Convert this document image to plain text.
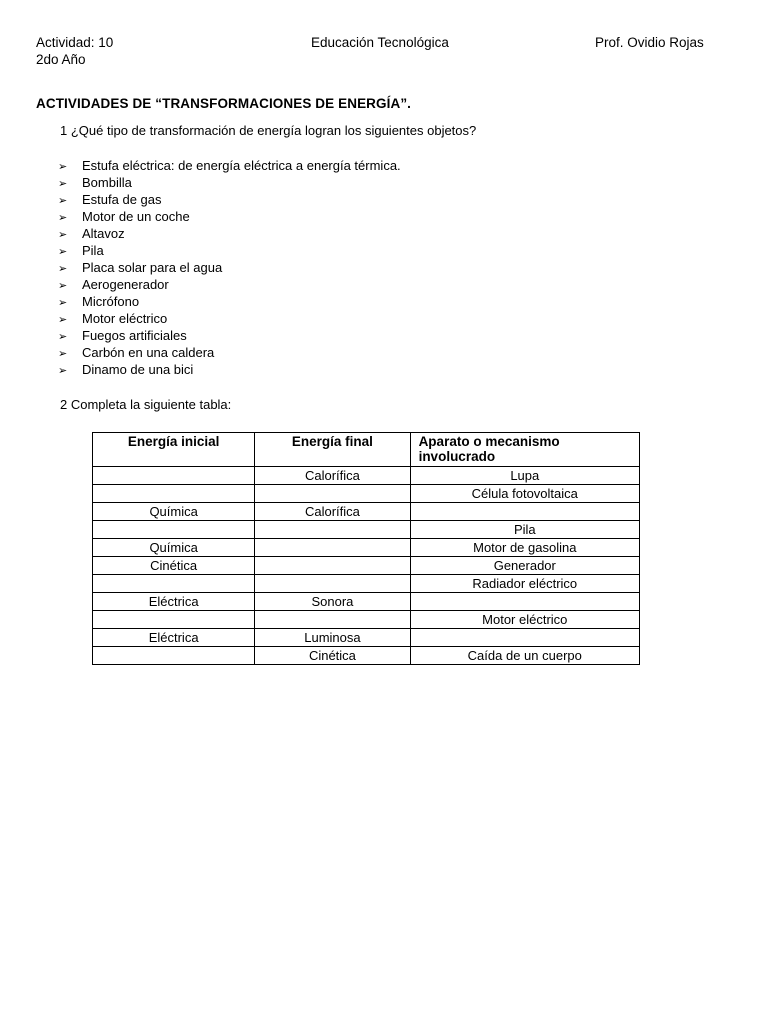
Actividad: 10	Educación Tecnológica	Prof. Ovidio Rojas
2do Año
ACTIVIDADES DE “TRANSFORMACIONES DE ENERGÍA”.
1 ¿Qué tipo de transformación de energía logran los siguientes objetos?
➢ Estufa eléctrica: de energía eléctrica a energía térmica.
➢ Bombilla
➢ Estufa de gas
➢ Motor de un coche
➢ Altavoz
➢ Pila
➢ Placa solar para el agua
➢ Aerogenerador
➢ Micrófono
➢ Motor eléctrico
➢ Fuegos artificiales
➢ Carbón en una caldera
➢ Dinamo de una bici
2 Completa la siguiente tabla:
Energía inicial	Energía final	Aparato o mecanismo involucrado
	Calorífica	Lupa
		Célula fotovoltaica
Química	Calorífica	
		Pila
Química		Motor de gasolina
Cinética		Generador
		Radiador eléctrico
Eléctrica	Sonora	
		Motor eléctrico
Eléctrica	Luminosa	
	Cinética	Caída de un cuerpo
